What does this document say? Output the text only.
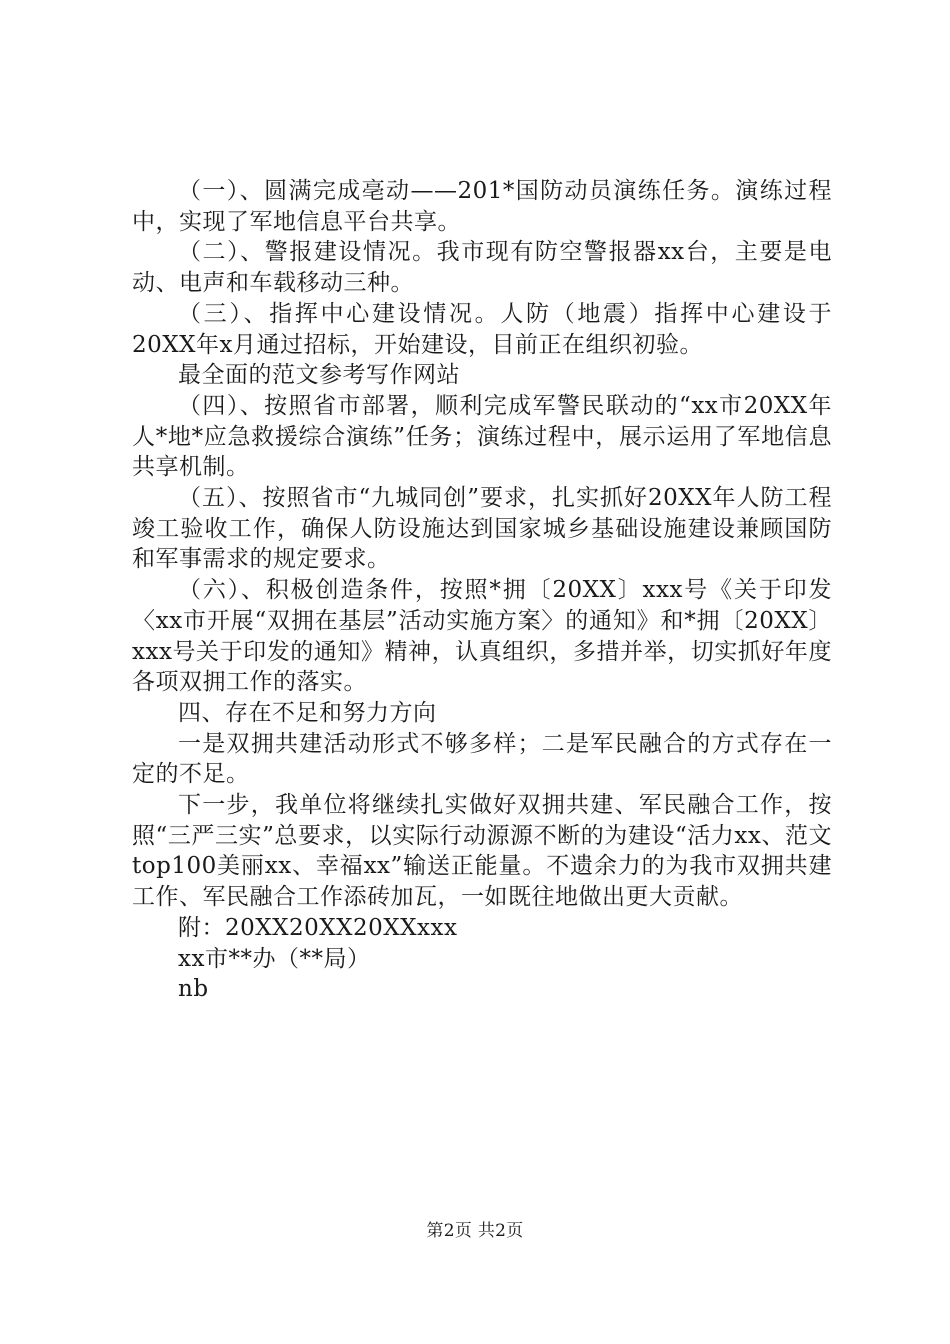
（一）、圆满完成亳动——201*国防动员演练任务。演练过程中，实现了军地信息平台共享。

（二）、警报建设情况。我市现有防空警报器xx台，主要是电动、电声和车载移动三种。

（三）、指挥中心建设情况。人防（地震）指挥中心建设于20XX年x月通过招标，开始建设，目前正在组织初验。

最全面的范文参考写作网站

（四）、按照省市部署，顺利完成军警民联动的“xx市20XX年人*地*应急救援综合演练”任务；演练过程中，展示运用了军地信息共享机制。

（五）、按照省市“九城同创”要求，扎实抓好20XX年人防工程竣工验收工作，确保人防设施达到国家城乡基础设施建设兼顾国防和军事需求的规定要求。

（六）、积极创造条件，按照*拥〔20XX〕xxx号《关于印发〈xx市开展“双拥在基层”活动实施方案〉的通知》和*拥〔20XX〕xxx号关于印发的通知》精神，认真组织，多措并举，切实抓好年度各项双拥工作的落实。

四、存在不足和努力方向

一是双拥共建活动形式不够多样；二是军民融合的方式存在一定的不足。

下一步，我单位将继续扎实做好双拥共建、军民融合工作，按照“三严三实”总要求，以实际行动源源不断的为建设“活力xx、范文top100美丽xx、幸福xx”输送正能量。不遗余力的为我市双拥共建工作、军民融合工作添砖加瓦，一如既往地做出更大贡献。

附：20XX20XX20XXxxx

xx市**办（**局）

nb

第2页 共2页
